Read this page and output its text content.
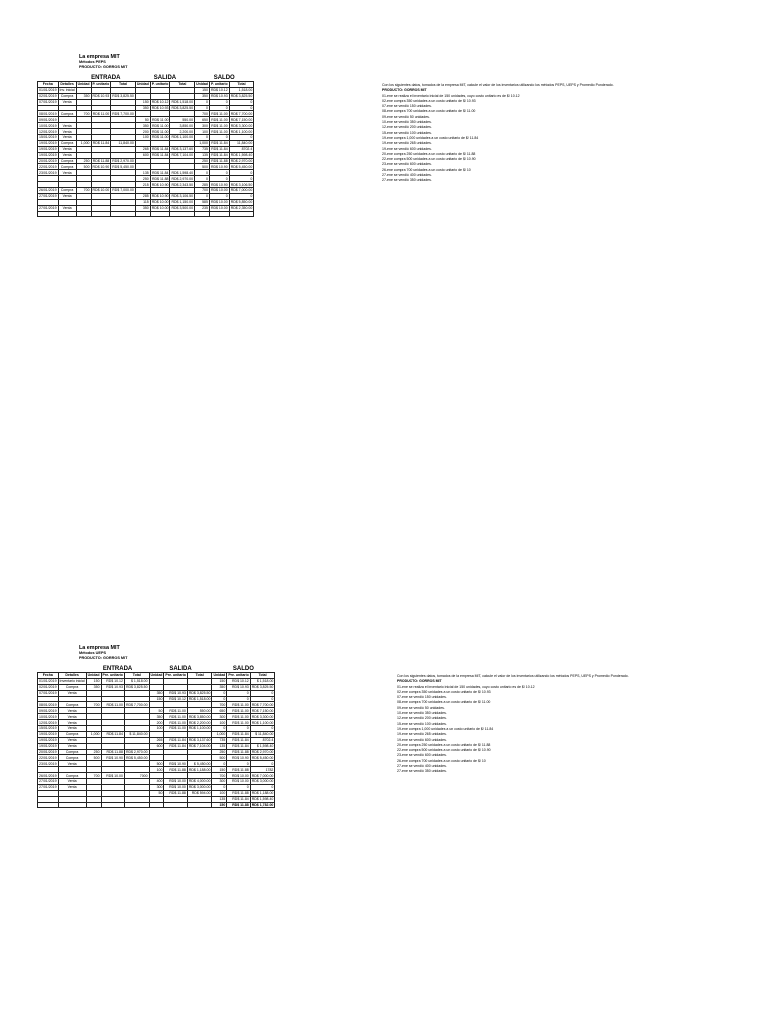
La empresa MIT
Métodos PEPS
PRODUCTO: GORROS MIT
		ENTRADA			SALIDA			SALDO		
Fecha	Detalles	Unidad	P. unitario	Total	Unidad	P. unitario	Total	Unidad	P. unitario	Total
01/01/2019	Inv. inicial							150	RD$ 10.12	1,518.00
02/01/2019	Compra	350	RD$ 10.93	RD$ 3,825.50				350	RD$ 10.93	RD$ 3,825.50
07/01/2019	Venta				150	RD$ 10.12	RD$ 1,518.00	0	0	0
					350	RD$ 10.93	RD$ 3,825.50	0	0	0
08/01/2019	Compra	700	RD$ 11.00	RD$ 7,700.00				700	RD$ 11.00	RD$ 7,700.00
09/01/2019					50	RD$ 11.00	550.00	650	RD$ 11.00	RD$ 7,150.00
10/01/2019	Venta				350	RD$ 11.00	3,850.00	300	RD$ 11.00	RD$ 3,300.00
12/01/2019	Venta				200	RD$ 11.00	2,200.00	100	RD$ 11.00	RD$ 1,100.00
15/01/2019	Venta				100	RD$ 11.00	RD$ 1,100.00	0	0	0
19/01/2019	Compra	1,000	RD$ 11.84	11,840.00				1,000	RD$ 11.84	11,840.00
19/01/2019	Venta				265	RD$ 11.84	RD$ 3,137.60	735	RD$ 11.84	8702.4
19/01/2019	Venta				600	RD$ 11.84	RD$ 7,104.00	135	RD$ 11.84	RD$ 1,598.40
20/01/2019	Compra	250	RD$ 11.88	RD$ 2,970.00				250	RD$ 11.88	RD$ 2,970.00
22/01/2019	Compra	500	RD$ 10.90	RD$ 5,450.00				500	RD$ 10.90	RD$ 5,450.00
23/01/2019	Venta				135	RD$ 11.84	RD$ 1,598.40	0	0	0
					250	RD$ 11.88	RD$ 2,970.00	0	0	0
					215	RD$ 10.90	RD$ 2,343.50	285	RD$ 10.90	RD$ 3,106.50
26/01/2019	Compra	700	RD$ 10.00	RD$ 7,000.00				700	RD$ 10.00	RD$ 7,000.00
27/01/2019	Venta				285	RD$ 10.90	RD$ 3,106.50	0	0	0
					115	RD$ 10.00	RD$ 1,150.00	585	RD$ 10.00	RD$ 5,850.00
27/01/2019	Venta				350	RD$ 10.00	RD$ 3,500.00	235	RD$ 10.00	RD$ 2,350.00

Con los siguientes datos, tomados de la empresa MIT, calcule el valor de los inventarios utilizando los métodos PEPS, UEPS y Promedio Ponderado.
PRODUCTO: GORROS MIT
01-ene se realiza el inventario inicial de 150 unidades, cuyo costo unitario es de $/ 10.12
02-ene compra 350 unidades a un costo unitario de $/ 10.93
07-ene se vendió 150 unidades.
08-ene compra 700 unidades a un costo unitario de $/ 11.00
09-ene se vendió 50 unidades.
10-ene se vendió 350 unidades.
12-ene se vendió 200 unidades.
15-ene se vendió 100 unidades.
19-ene compra 1,000 unidades a un costo unitario de $/ 11.84
19-ene se vendió 265 unidades.
19-ene se vendió 600 unidades.
20-ene compra 250 unidades a un costo unitario de $/ 11.88
22-ene compra 500 unidades a un costo unitario de $/ 10.90
23-ene se vendió 600 unidades.
26-ene compra 700 unidades a un costo unitario de $/ 10
27-ene se vendió 400 unidades.
27-ene se vendió 350 unidades.
La empresa MIT
Métodos UEPS
PRODUCTO: GORROS MIT
		ENTRADA			SALIDA			SALDO		
Fecha	Detalles	Unidad	Pre. unitario	Total	Unidad	Pre. unitario	Total	Unidad	Pre. unitario	Total
01/01/2019	Inventario inicial	150	RD$ 10.12	$ 1,518.00				150	RD$ 10.12	$ 1,518.00
02/01/2019	Compra	350	RD$ 10.93	RD$ 3,825.50				350	RD$ 10.93	RD$ 3,825.50
07/01/2019	Venta				350	RD$ 10.93	RD$ 3,825.50	0	0	0
					150	RD$ 10.12	RD$ 1,518.00	0	0	0
08/01/2019	Compra	700	RD$ 11.00	RD$ 7,700.00				700	RD$ 11.00	RD$ 7,700.00
09/01/2019	Venta				50	RD$ 11.00	550.00	650	RD$ 11.00	RD$ 7,150.00
10/01/2019	Venta				350	RD$ 11.00	RD$ 3,850.00	300	RD$ 11.00	RD$ 3,300.00
12/01/2019	Venta				200	RD$ 11.00	RD$ 2,200.00	100	RD$ 11.00	RD$ 1,100.00
15/01/2019	Venta				100	RD$ 11.00	RD$ 1,100.00	0	0	0
19/01/2019	Compra	1,000	RD$ 11.84	$ 11,840.00				1,000	RD$ 11.84	$ 11,840.00
19/01/2019	Venta				265	RD$ 11.84	RD$ 3,137.60	735	RD$ 11.84	8702.4
19/01/2019	Venta				600	RD$ 11.84	RD$ 7,104.00	135	RD$ 11.84	$ 1,598.40
20/01/2019	Compra	250	RD$ 11.88	RD$ 2,970.00				250	RD$ 11.88	RD$ 2,970.00
22/01/2019	Compra	500	RD$ 10.90	RD$ 5,450.00				500	RD$ 10.90	RD$ 5,450.00
23/01/2019	Venta				500	RD$ 10.90	$ 5,450.00	0	0	0
					100	RD$ 11.88	RD$ 1,188.00	150	RD$ 11.88	1782
26/01/2019	Compra	700	RD$ 10.00	7000				700	RD$ 10.00	RD$ 7,000.00
27/01/2019	Venta				400	RD$ 10.00	RD$ 4,000.00	300	RD$ 10.00	RD$ 3,000.00
27/01/2019	Venta				300	RD$ 10.00	RD$ 3,000.00	0	0	0
					50	RD$ 11.88	RD$ 594.00	100	RD$ 11.88	RD$ 1,188.00
								135	RD$ 11.84	RD$ 1,598.40
								150	RD$ 11.88	RD$ 1,782.00
Con los siguientes datos, tomados de la empresa MIT, calcule el valor de los inventarios utilizando los métodos PEPS, UEPS y Promedio Ponderado.
PRODUCTO: GORROS MIT
01-ene se realiza el inventario inicial de 150 unidades, cuyo costo unitario es de $/ 10.12
02-ene compra 350 unidades a un costo unitario de $/ 10.93
07-ene se vendió 150 unidades.
08-ene compra 700 unidades a un costo unitario de $/ 11.00
09-ene se vendió 50 unidades.
10-ene se vendió 350 unidades.
12-ene se vendió 200 unidades.
15-ene se vendió 100 unidades.
19-ene compra 1,000 unidades a un costo unitario de $/ 11.84
19-ene se vendió 265 unidades.
19-ene se vendió 600 unidades.
20-ene compra 250 unidades a un costo unitario de $/ 11.88
22-ene compra 500 unidades a un costo unitario de $/ 10.90
23-ene se vendió 600 unidades.
26-ene compra 700 unidades a un costo unitario de $/ 10
27-ene se vendió 400 unidades.
27-ene se vendió 350 unidades.
